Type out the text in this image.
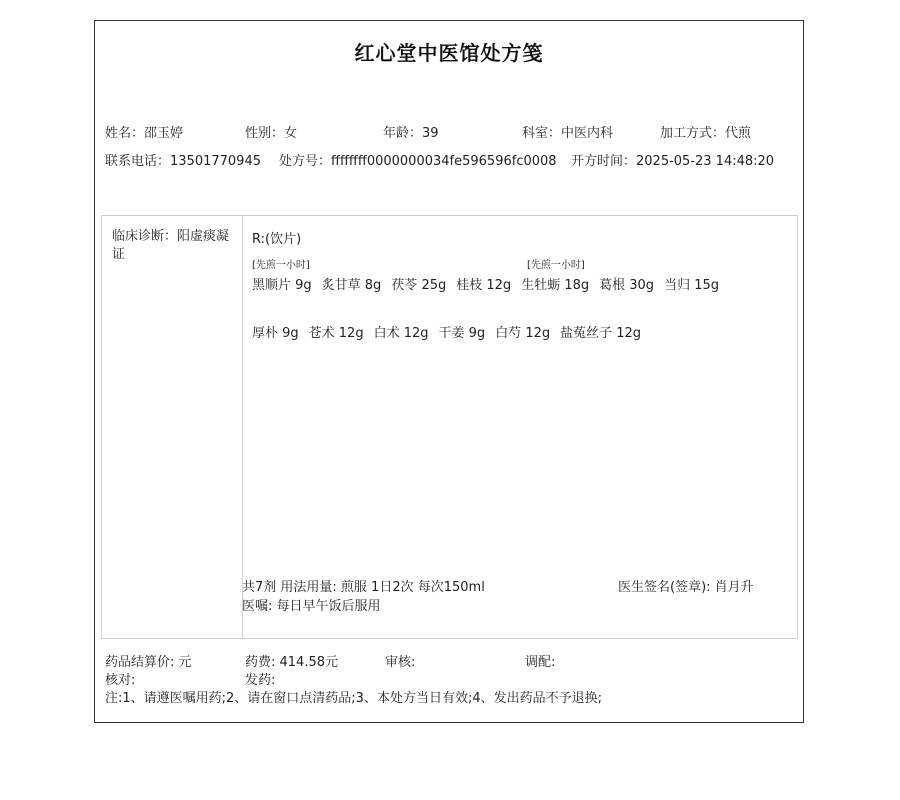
红心堂中医馆处方笺
姓名：邵玉婷	性别：女	年龄：39	科室：中医内科	加工方式：代煎
联系电话：13501770945 处方号：ffffffff0000000034fe596596fc0008 开方时间：2025-05-23 14:48:20
临床诊断：阳虚痰凝证
R:(饮片)
[先煎一小时]	[先煎一小时]
黑顺片 9g 炙甘草 8g 茯苓 25g 桂枝 12g 生牡蛎 18g 葛根 30g 当归 15g
厚朴 9g 苍术 12g 白术 12g 干姜 9g 白芍 12g 盐菟丝子 12g
共7剂 用法用量: 煎服 1日2次 每次150ml
医嘱: 每日早午饭后服用
医生签名(签章): 肖月升
药品结算价: 元	药费: 414.58元	审核:	调配:
核对:	发药:
注:1、请遵医嘱用药;2、请在窗口点清药品;3、本处方当日有效;4、发出药品不予退换;
